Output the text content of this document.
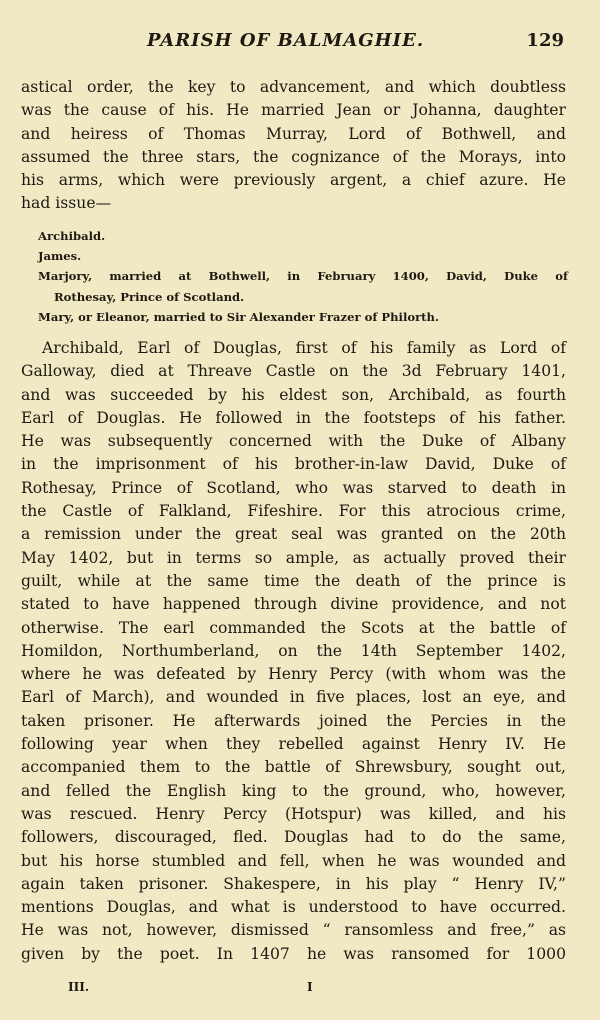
PARISH OF BALMAGHIE.	129
astical order, the key to advancement, and which doubtless
was the cause of his. He married Jean or Johanna, daughter
and heiress of Thomas Murray, Lord of Bothwell, and
assumed the three stars, the cognizance of the Morays, into
his arms, which were previously argent, a chief azure. He
had issue—
Archibald.
James.
Marjory, married at Bothwell, in February 1400, David, Duke of
Rothesay, Prince of Scotland.
Mary, or Eleanor, married to Sir Alexander Frazer of Philorth.
Archibald, Earl of Douglas, first of his family as Lord of
Galloway, died at Threave Castle on the 3d February 1401,
and was succeeded by his eldest son, Archibald, as fourth
Earl of Douglas. He followed in the footsteps of his father.
He was subsequently concerned with the Duke of Albany
in the imprisonment of his brother-in-law David, Duke of
Rothesay, Prince of Scotland, who was starved to death in
the Castle of Falkland, Fifeshire. For this atrocious crime,
a remission under the great seal was granted on the 20th
May 1402, but in terms so ample, as actually proved their
guilt, while at the same time the death of the prince is
stated to have happened through divine providence, and not
otherwise. The earl commanded the Scots at the battle of
Homildon, Northumberland, on the 14th September 1402,
where he was defeated by Henry Percy (with whom was the
Earl of March), and wounded in five places, lost an eye, and
taken prisoner. He afterwards joined the Percies in the
following year when they rebelled against Henry IV. He
accompanied them to the battle of Shrewsbury, sought out,
and felled the English king to the ground, who, however,
was rescued. Henry Percy (Hotspur) was killed, and his
followers, discouraged, fled. Douglas had to do the same,
but his horse stumbled and fell, when he was wounded and
again taken prisoner. Shakespere, in his play “ Henry IV,”
mentions Douglas, and what is understood to have occurred.
He was not, however, dismissed “ ransomless and free,” as
given by the poet. In 1407 he was ransomed for 1000
III.	I
